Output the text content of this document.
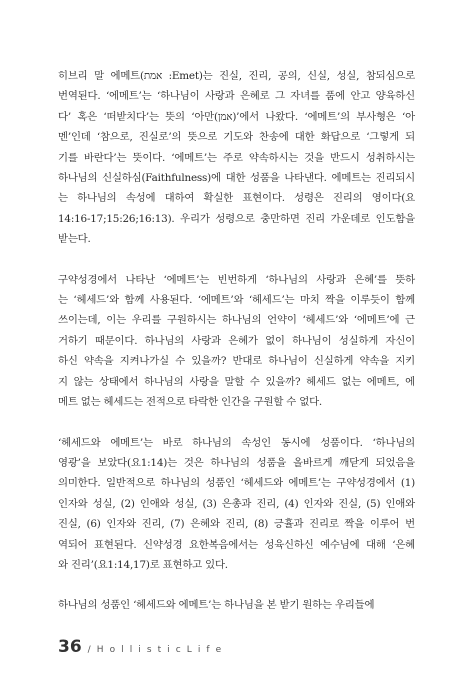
히브리 말 에메트(אמת :Emet)는 진실, 진리, 공의, 신실, 성실, 참되심으로
번역된다. ‘에메트’는 ‘하나님이 사랑과 은혜로 그 자녀를 품에 안고 양육하신
다’ 혹은 ‘떠받치다’는 뜻의 ‘아만(אמן)’에서 나왔다. ‘에메트’의 부사형은 ‘아
멘’인데 ‘참으로, 진실로’의 뜻으로 기도와 찬송에 대한 화답으로 ‘그렇게 되
기를 바란다’는 뜻이다. ‘에메트’는 주로 약속하시는 것을 반드시 성취하시는
하나님의 신실하심(Faithfulness)에 대한 성품을 나타낸다. 에메트는 진리되시
는 하나님의 속성에 대하여 확실한 표현이다. 성령은 진리의 영이다(요
14:16-17;15:26;16:13). 우리가 성령으로 충만하면 진리 가운데로 인도함을
받는다.
구약성경에서 나타난 ‘에메트’는 빈번하게 ‘하나님의 사랑과 은혜’를 뜻하
는 ‘헤세드’와 함께 사용된다. ‘에메트’와 ‘헤세드’는 마치 짝을 이루듯이 함께
쓰이는데, 이는 우리를 구원하시는 하나님의 언약이 ‘헤세드’와 ‘에메트’에 근
거하기 때문이다. 하나님의 사랑과 은혜가 없이 하나님이 성실하게 자신이
하신 약속을 지켜나가실 수 있을까? 반대로 하나님이 신실하게 약속을 지키
지 않는 상태에서 하나님의 사랑을 말할 수 있을까? 헤세드 없는 에메트, 에
메트 없는 헤세드는 전적으로 타락한 인간을 구원할 수 없다.
‘헤세드와 에메트’는 바로 하나님의 속성인 동시에 성품이다. ‘하나님의
영광’을 보았다(요1:14)는 것은 하나님의 성품을 올바르게 깨닫게 되었음을
의미한다. 일반적으로 하나님의 성품인 ‘헤세드와 에메트’는 구약성경에서 (1)
인자와 성실, (2) 인애와 성실, (3) 은총과 진리, (4) 인자와 진실, (5) 인애와
진실, (6) 인자와 진리, (7) 은혜와 진리, (8) 긍휼과 진리로 짝을 이루어 번
역되어 표현된다. 신약성경 요한복음에서는 성육신하신 예수님에 대해 ‘은혜
와 진리’(요1:14,17)로 표현하고 있다.
하나님의 성품인 ‘헤세드와 에메트’는 하나님을 본 받기 원하는 우리들에
36 / H o l l i s t i c L i f e
